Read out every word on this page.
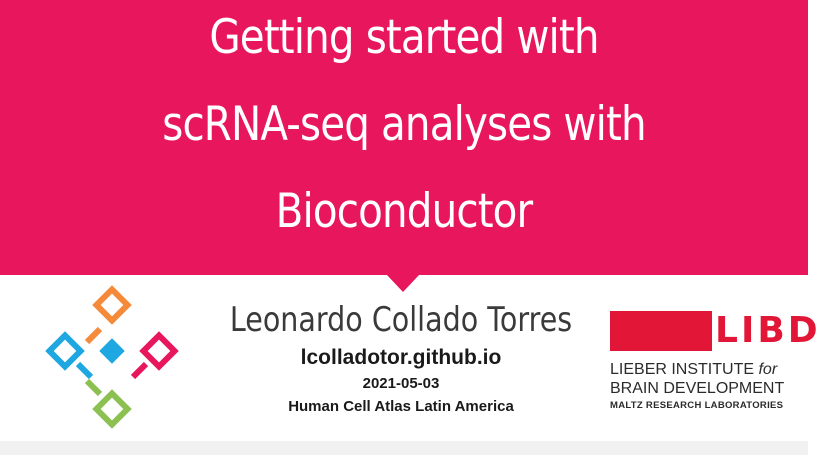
Getting started with
scRNA-seq analyses with
Bioconductor
Leonardo Collado Torres
lcolladotor.github.io
2021-05-03
Human Cell Atlas Latin America
LIBD
LIEBER INSTITUTE for
BRAIN DEVELOPMENT
MALTZ RESEARCH LABORATORIES
